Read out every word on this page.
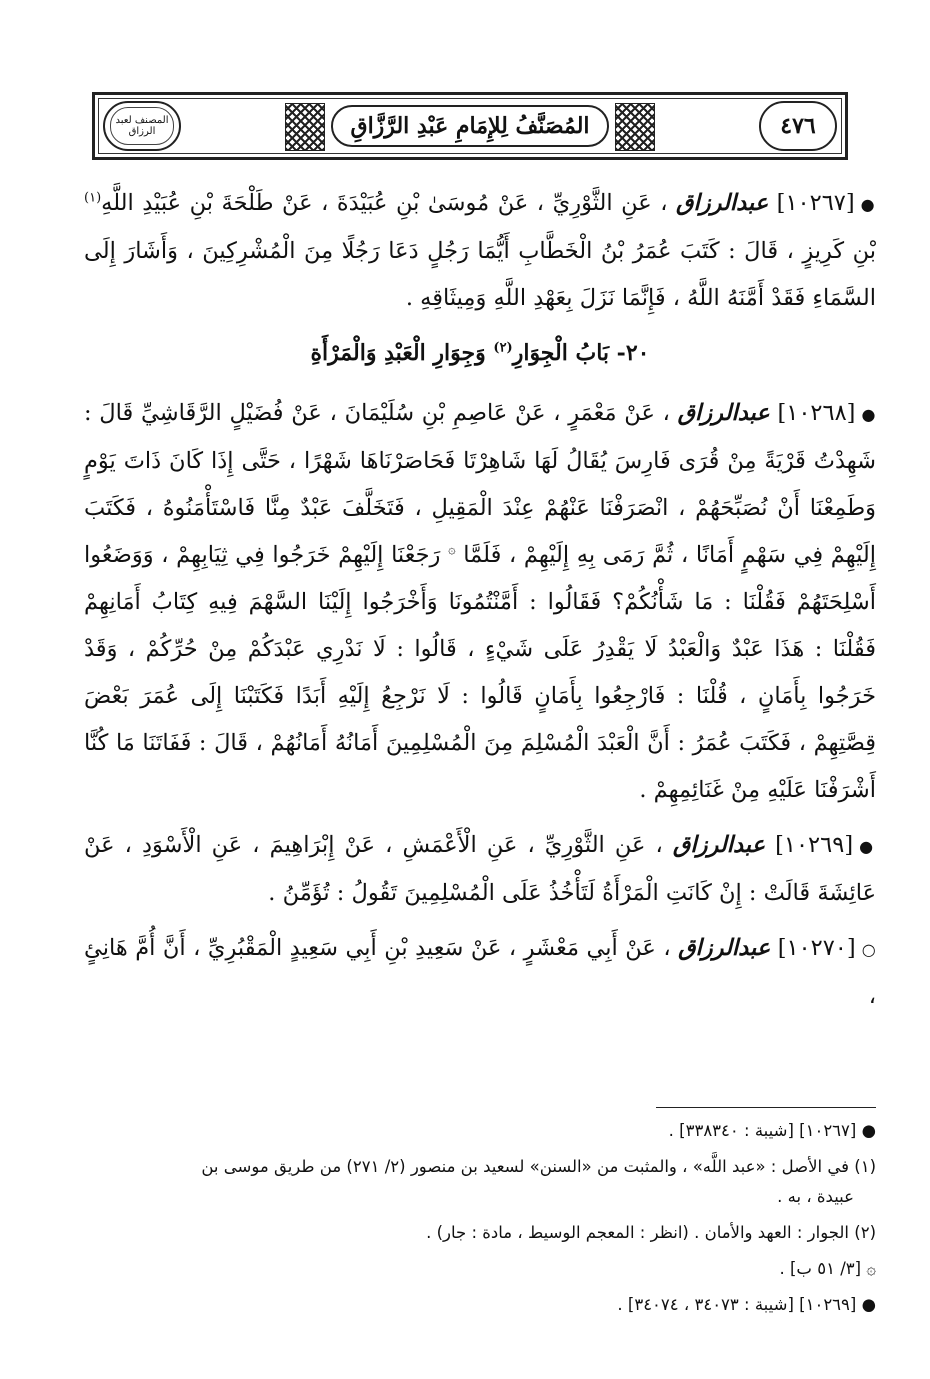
٤٧٦
المُصَنَّفُ لِلإِمَامِ عَبْدِ الرَّزَّاقِ
المصنف لعبد الرزاق

●[١٠٢٦٧] عبدالرزاق ، عَنِ الثَّوْرِيِّ ، عَنْ مُوسَىٰ بْنِ عُبَيْدَةَ ، عَنْ طَلْحَةَ بْنِ عُبَيْدِ اللَّهِ$^{(١)}$ بْنِ كَرِيزٍ ، قَالَ : كَتَبَ عُمَرُ بْنُ الْخَطَّابِ أَيُّمَا رَجُلٍ دَعَا رَجُلًا مِنَ الْمُشْرِكِينَ ، وَأَشَارَ إِلَى السَّمَاءِ فَقَدْ أَمَّنَهُ اللَّهُ ، فَإِنَّمَا نَزَلَ بِعَهْدِ اللَّهِ وَمِيثَاقِهِ .

٢٠- بَابُ الْجِوَارِ$^{(٢)}$ وَجِوَارِ الْعَبْدِ وَالْمَرْأَةِ

●[١٠٢٦٨] عبدالرزاق ، عَنْ مَعْمَرٍ ، عَنْ عَاصِمِ بْنِ سُلَيْمَانَ ، عَنْ فُضَيْلٍ الرَّقَاشِيِّ قَالَ : شَهِدْتُ قَرْيَةً مِنْ قُرَى فَارِسَ يُقَالُ لَهَا شَاهِرْتَا فَحَاصَرْنَاهَا شَهْرًا ، حَتَّى إِذَا كَانَ ذَاتَ يَوْمٍ وَطَمِعْنَا أَنْ نُصَبِّحَهُمْ ، انْصَرَفْنَا عَنْهُمْ عِنْدَ الْمَقِيلِ ، فَتَخَلَّفَ عَبْدٌ مِنَّا فَاسْتَأْمَنُوهُ ، فَكَتَبَ إِلَيْهِمْ فِي سَهْمٍ أَمَانًا ، ثُمَّ رَمَى بِهِ إِلَيْهِمْ ، فَلَمَّا ۞ رَجَعْنَا إِلَيْهِمْ خَرَجُوا فِي ثِيَابِهِمْ ، وَوَضَعُوا أَسْلِحَتَهُمْ فَقُلْنَا : مَا شَأْنُكُمْ؟ فَقَالُوا : أَمَّنْتُمُونَا وَأَخْرَجُوا إِلَيْنَا السَّهْمَ فِيهِ كِتَابُ أَمَانِهِمْ فَقُلْنَا : هَذَا عَبْدٌ وَالْعَبْدُ لَا يَقْدِرُ عَلَى شَيْءٍ ، قَالُوا : لَا نَدْرِي عَبْدَكُمْ مِنْ حُرِّكُمْ ، وَقَدْ خَرَجُوا بِأَمَانٍ ، قُلْنَا : فَارْجِعُوا بِأَمَانٍ قَالُوا : لَا نَرْجِعُ إِلَيْهِ أَبَدًا فَكَتَبْنَا إِلَى عُمَرَ بَعْضَ قِصَّتِهِمْ ، فَكَتَبَ عُمَرُ : أَنَّ الْعَبْدَ الْمُسْلِمَ مِنَ الْمُسْلِمِينَ أَمَانُهُ أَمَانُهُمْ ، قَالَ : فَفَاتَنَا مَا كُنَّا أَشْرَفْنَا عَلَيْهِ مِنْ غَنَائِمِهِمْ .

●[١٠٢٦٩] عبدالرزاق ، عَنِ الثَّوْرِيِّ ، عَنِ الْأَعْمَشِ ، عَنْ إِبْرَاهِيمَ ، عَنِ الْأَسْوَدِ ، عَنْ عَائِشَةَ قَالَتْ : إِنْ كَانَتِ الْمَرْأَةُ لَتَأْخُذُ عَلَى الْمُسْلِمِينَ تَقُولُ : تُؤَمِّنُ .

○[١٠٢٧٠] عبدالرزاق ، عَنْ أَبِي مَعْشَرٍ ، عَنْ سَعِيدِ بْنِ أَبِي سَعِيدٍ الْمَقْبُرِيِّ ، أَنَّ أُمَّ هَانِئٍ ،

● [١٠٢٦٧] [شيبة : ٣٣٨٣٤٠] .

(١) في الأصل : «عبد اللَّه» ، والمثبت من «السنن» لسعيد بن منصور (٢/ ٢٧١) من طريق موسى بن
عبيدة ، به .

(٢) الجوار : العهد والأمان . (انظر : المعجم الوسيط ، مادة : جار) .

۞ [٣/ ٥١ ب] .

● [١٠٢٦٩] [شيبة : ٣٤٠٧٣ ، ٣٤٠٧٤] .
